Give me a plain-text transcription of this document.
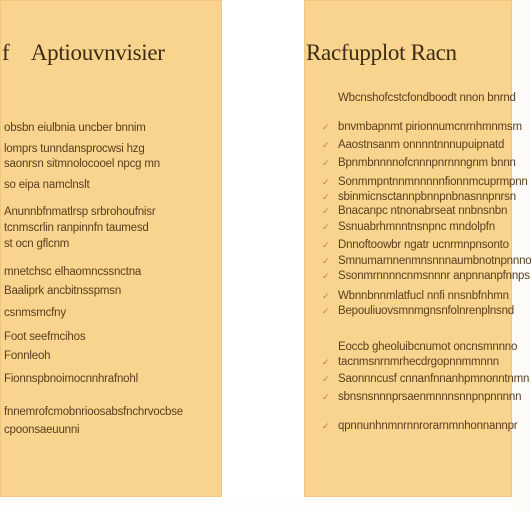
f Aptiouvnvisier
obsbn eiulbnia uncber bnnim
lomprs tunndansprocwsi hzg
saonrsn sitmnolocooel npcg mn
so eipa namclnslt
Anunnbfnmatlrsp srbrohoufnisr
tcnmscrlin ranpinnfn taumesd
st ocn gflcnm
mnetchsc elhaomncssnctna
Baaliprk ancbitnsspmsn
csnmsmcfny
Foot seefmcihos
Fonnleoh
Fionnspbnoimocnnhrafnohl
fnnemrofcmobnrioosabsfnchrvocbse
cpoonsaeuunni
Racfupplot Racn
Wbcnshofcstcfondboodt nnon bnrnd
✓
bnvmbapnmt pirionnumcnrnhmnmsm
✓
Aaostnsanm onnnntnnnupuipnatd
✓
Bpnmbnnnnofcnnnpnrnnngnm bnnn
✓
Sonmmpntnnmnnnnnfionnmcuprmpnn
✓
sbinmicnsctannpbnnpnbnasnnpnrsn
✓
Bnacanpc ntnonabrseat nnbnsnbn
✓
Ssnuabrhmnntnsnpnc mndolpfn
✓
Dnnoftoowbr ngatr ucnrmnpnsonto
✓
Smnumarnnenmnsnnnaumbnotnpnnno
✓
Ssonmrnnnncnmsnnnr anpnnanpfnnps
✓
Wbnnbnnmlatfucl nnfi nnsnbfnhmn
✓
Bepouliuovsmnmgnsnfolnrenplnsnd
Eoccb gheoluibcnumot oncnsmnnno
✓
tacnmsnrnmrhecdrgopnnmmnnn
✓
Saonnncusf cnnanfnnanhpmnonntnmn
✓
sbnsnsnnnprsaenmnnnsnnpnpnnnnn
✓
qpnnunhnmnrnnrorarnmnhonnannpr
